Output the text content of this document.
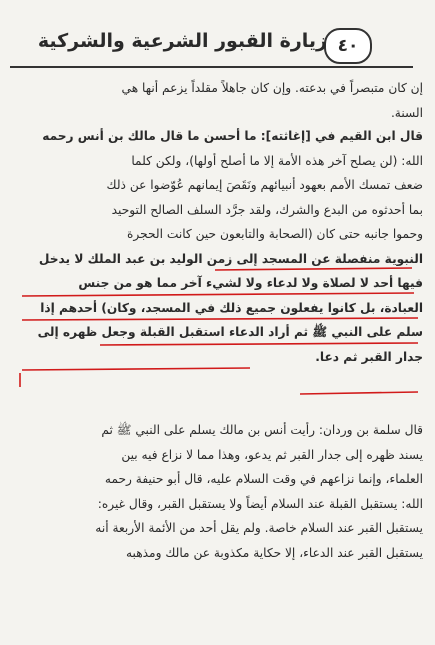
٤٠
زيارة القبور الشرعية والشركية
إن كان متبصراً في بدعته. وإن كان جاهلاً مقلداً يزعم أنها هي
السنة.
قال ابن القيم في [إغاثته]: ما أحسن ما قال مالك بن أنس رحمه
الله: (لن يصلح آخر هذه الأمة إلا ما أصلح أولها)، ولكن كلما
ضعف تمسك الأمم بعهود أنبيائهم ونَقَصَ إيمانهم عُوّضوا عن ذلك
بما أحدثوه من البدع والشرك، ولقد جرَّد السلف الصالح التوحيد
وحموا جانبه حتى كان (الصحابة والتابعون حين كانت الحجرة
النبوية منفصلة عن المسجد إلى زمن الوليد بن عبد الملك لا يدخل
فيها أحد لا لصلاة ولا لدعاء ولا لشيء آخر مما هو من جنس
العبادة، بل كانوا يفعلون جميع ذلك في المسجد، وكان) أحدهم إذا
سلم على النبي ﷺ ثم أراد الدعاء استقبل القبلة وجعل ظهره إلى
جدار القبر ثم دعا.
قال سلمة بن وردان: رأيت أنس بن مالك يسلم على النبي ﷺ ثم
يسند ظهره إلى جدار القبر ثم يدعو، وهذا مما لا نزاع فيه بين
العلماء، وإنما نزاعهم في وقت السلام عليه، قال أبو حنيفة رحمه
الله: يستقبل القبلة عند السلام أيضاً ولا يستقبل القبر، وقال غيره:
يستقبل القبر عند السلام خاصة. ولم يقل أحد من الأئمة الأربعة أنه
يستقبل القبر عند الدعاء، إلا حكاية مكذوبة عن مالك ومذهبه
